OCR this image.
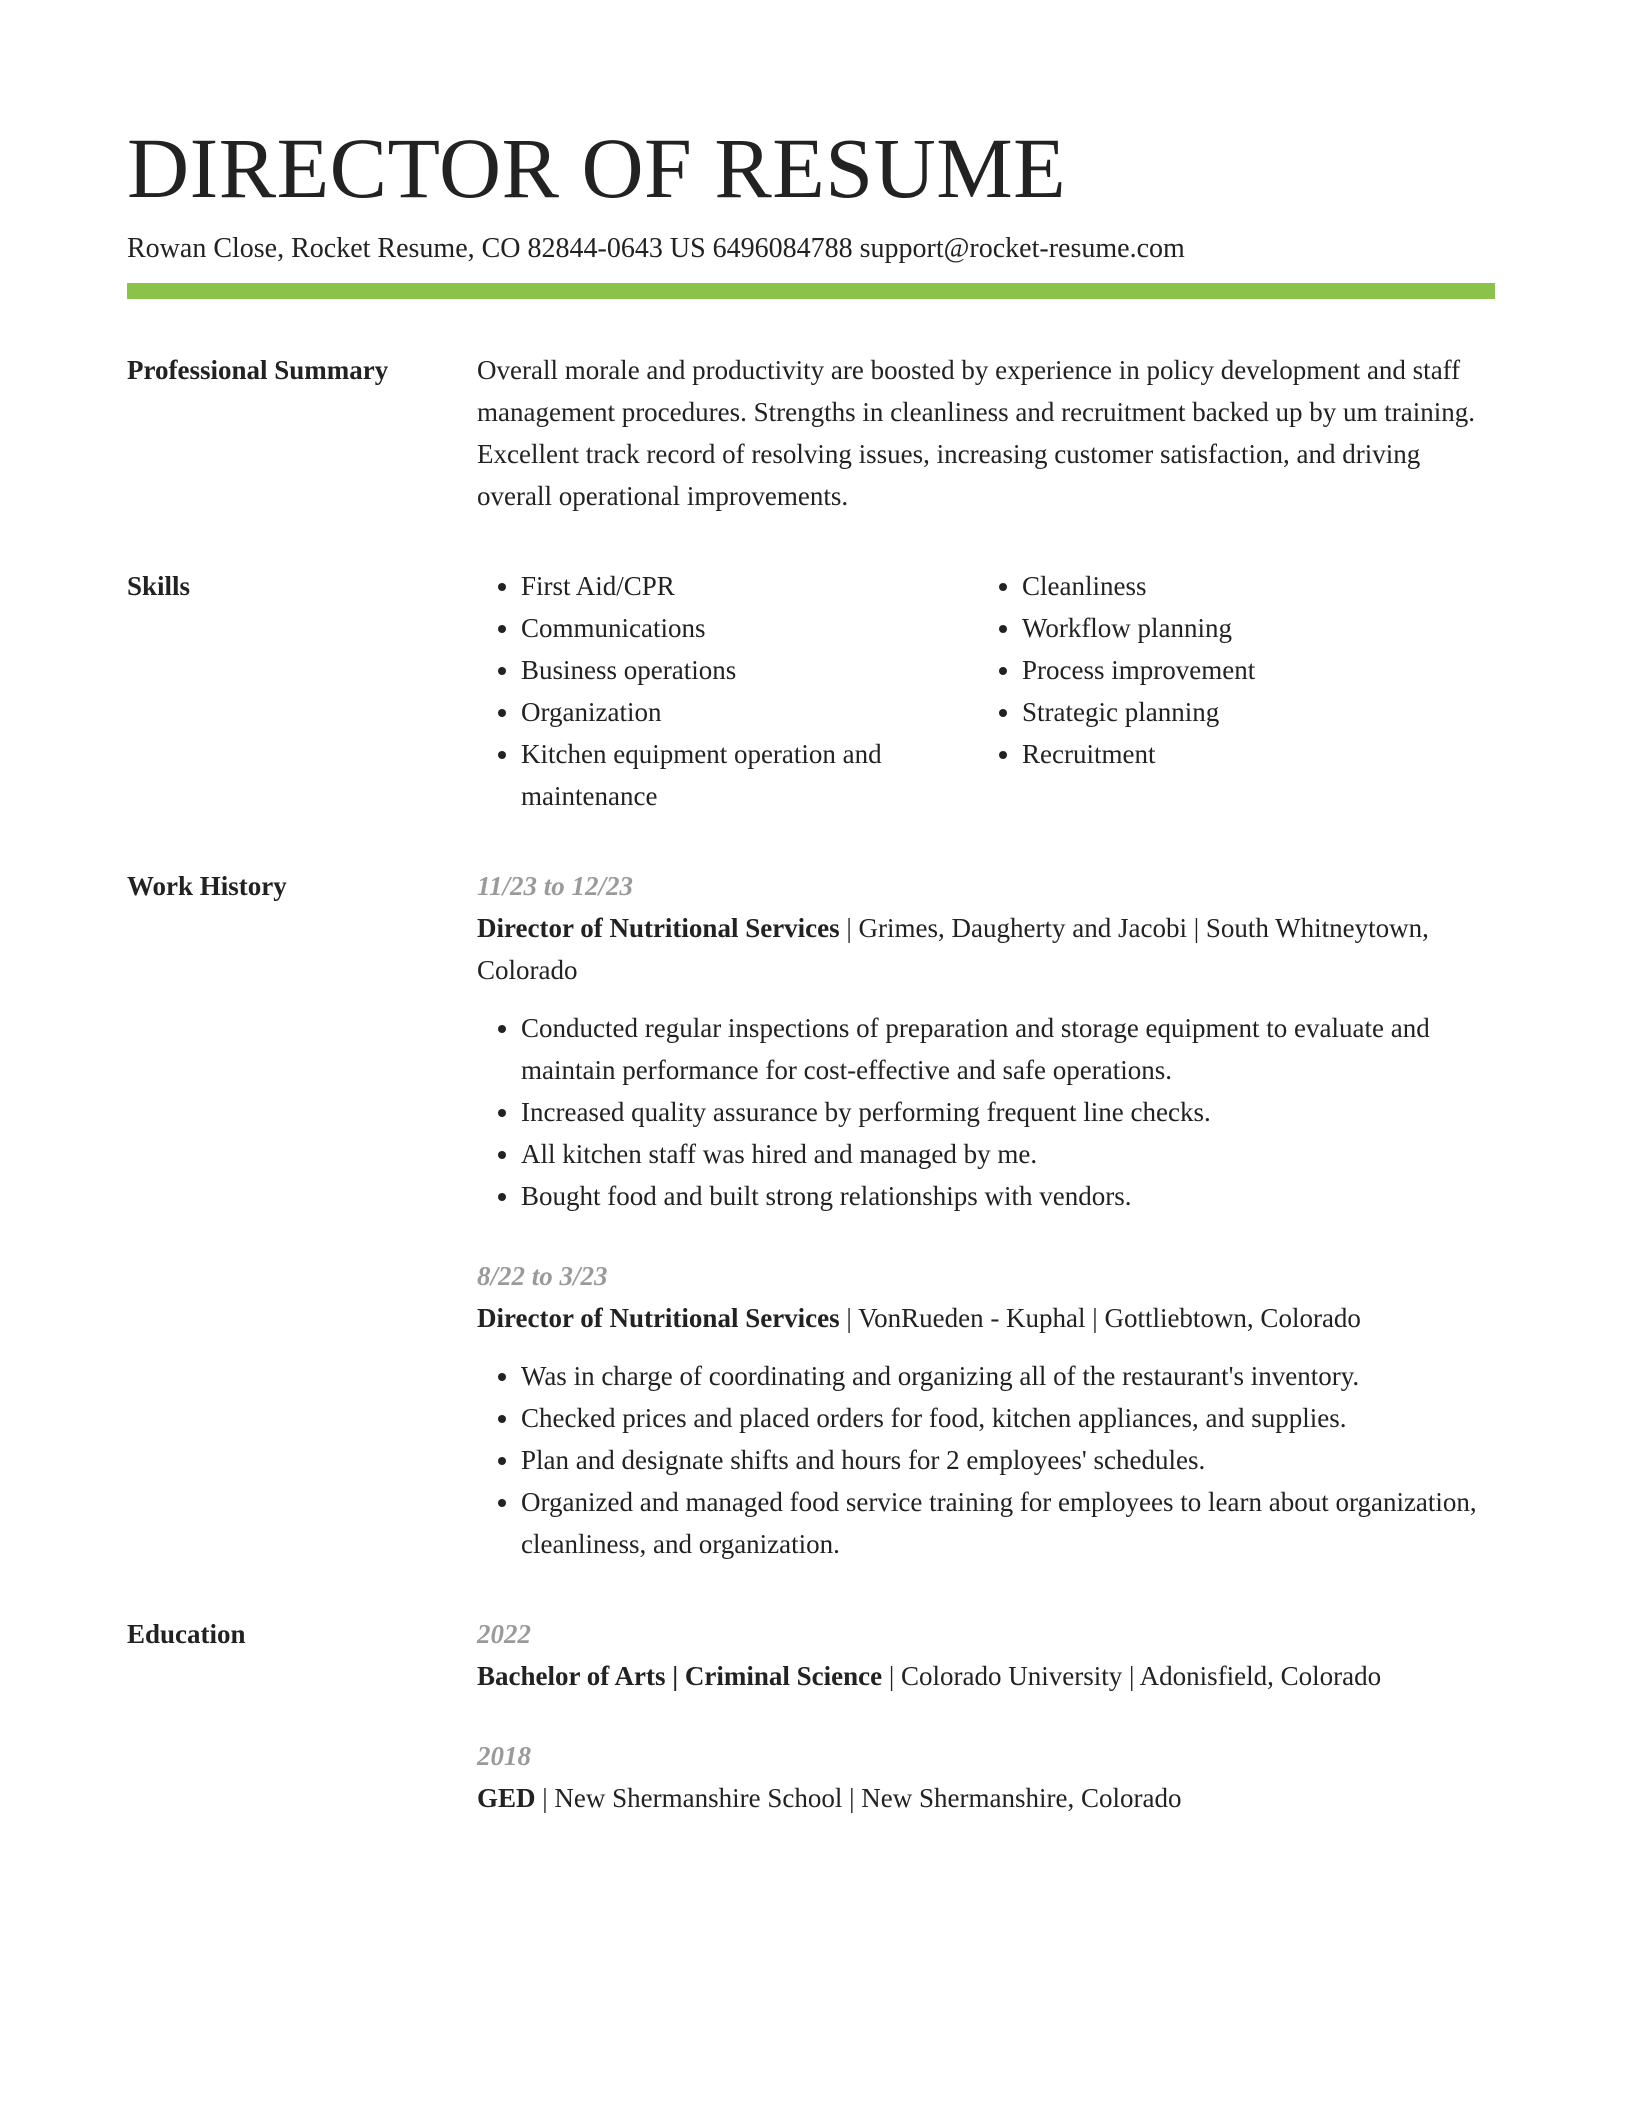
DIRECTOR OF RESUME
Rowan Close, Rocket Resume, CO 82844-0643 US 6496084788 support@rocket-resume.com
Professional Summary	Overall morale and productivity are boosted by experience in policy development and staff management procedures. Strengths in cleanliness and recruitment backed up by um training. Excellent track record of resolving issues, increasing customer satisfaction, and driving overall operational improvements.

Skills
•	First Aid/CPR
• Communications
• Business operations
• Organization
• Kitchen equipment operation and maintenance
• Cleanliness
• Workflow planning
• Process improvement
• Strategic planning
• Recruitment
Work History	11/23 to 12/23
Director of Nutritional Services | Grimes, Daugherty and Jacobi | South Whitneytown, Colorado
• Conducted regular inspections of preparation and storage equipment to evaluate and maintain performance for cost-effective and safe operations.
• Increased quality assurance by performing frequent line checks.
• All kitchen staff was hired and managed by me.
• Bought food and built strong relationships with vendors.
8/22 to 3/23
Director of Nutritional Services | VonRueden - Kuphal | Gottliebtown, Colorado
• Was in charge of coordinating and organizing all of the restaurant's inventory.
• Checked prices and placed orders for food, kitchen appliances, and supplies.
• Plan and designate shifts and hours for 2 employees' schedules.
• Organized and managed food service training for employees to learn about organization, cleanliness, and organization.
Education	2022
Bachelor of Arts | Criminal Science | Colorado University | Adonisfield, Colorado
2018
GED | New Shermanshire School | New Shermanshire, Colorado
